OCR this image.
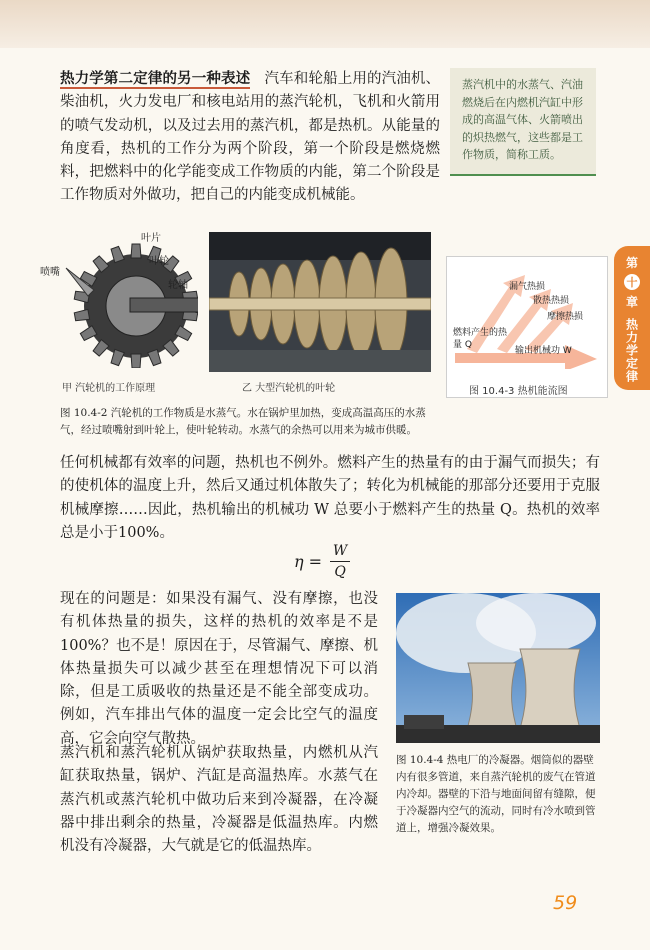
热力学第二定律的另一种表述 汽车和轮船上用的汽油机、柴油机，火力发电厂和核电站用的蒸汽轮机，飞机和火箭用的喷气发动机，以及过去用的蒸汽机，都是热机。从能量的角度看，热机的工作分为两个阶段，第一个阶段是燃烧燃料，把燃料中的化学能变成工作物质的内能，第二个阶段是工作物质对外做功，把自己的内能变成机械能。

蒸汽机中的水蒸气、汽油燃烧后在内燃机汽缸中形成的高温气体、火箭喷出的炽热燃气，这些都是工作物质，简称工质。
第
十
章
热力学定律
叶片
叶轮
喷嘴
轮轴
甲 汽轮机的工作原理	乙 大型汽轮机的叶轮
漏气热损
散热热损
摩擦热损
燃料产生的热量 Q
输出机械功 W
图 10.4-3 热机能流图
图 10.4-2 汽轮机的工作物质是水蒸气。水在锅炉里加热，变成高温高压的水蒸气，经过喷嘴射到叶轮上，使叶轮转动。水蒸气的余热可以用来为城市供暖。

任何机械都有效率的问题，热机也不例外。燃料产生的热量有的由于漏气而损失；有的使机体的温度上升，然后又通过机体散失了；转化为机械能的那部分还要用于克服机械摩擦……因此，热机输出的机械功 W 总要小于燃料产生的热量 Q。热机的效率总是小于100%。

$\eta = \frac{W}{Q}$

现在的问题是：如果没有漏气、没有摩擦，也没有机体热量的损失，这样的热机的效率是不是100%？也不是！原因在于，尽管漏气、摩擦、机体热量损失可以减少甚至在理想情况下可以消除，但是工质吸收的热量还是不能全部变成功。例如，汽车排出气体的温度一定会比空气的温度高，它会向空气散热。

蒸汽机和蒸汽轮机从锅炉获取热量，内燃机从汽缸获取热量，锅炉、汽缸是高温热库。水蒸气在蒸汽机或蒸汽轮机中做功后来到冷凝器，在冷凝器中排出剩余的热量，冷凝器是低温热库。内燃机没有冷凝器，大气就是它的低温热库。

图 10.4-4 热电厂的冷凝器。烟筒似的器壁内有很多管道，来自蒸汽轮机的废气在管道内冷却。器壁的下沿与地面间留有缝隙，便于冷凝器内空气的流动，同时有冷水喷到管道上，增强冷凝效果。
59
